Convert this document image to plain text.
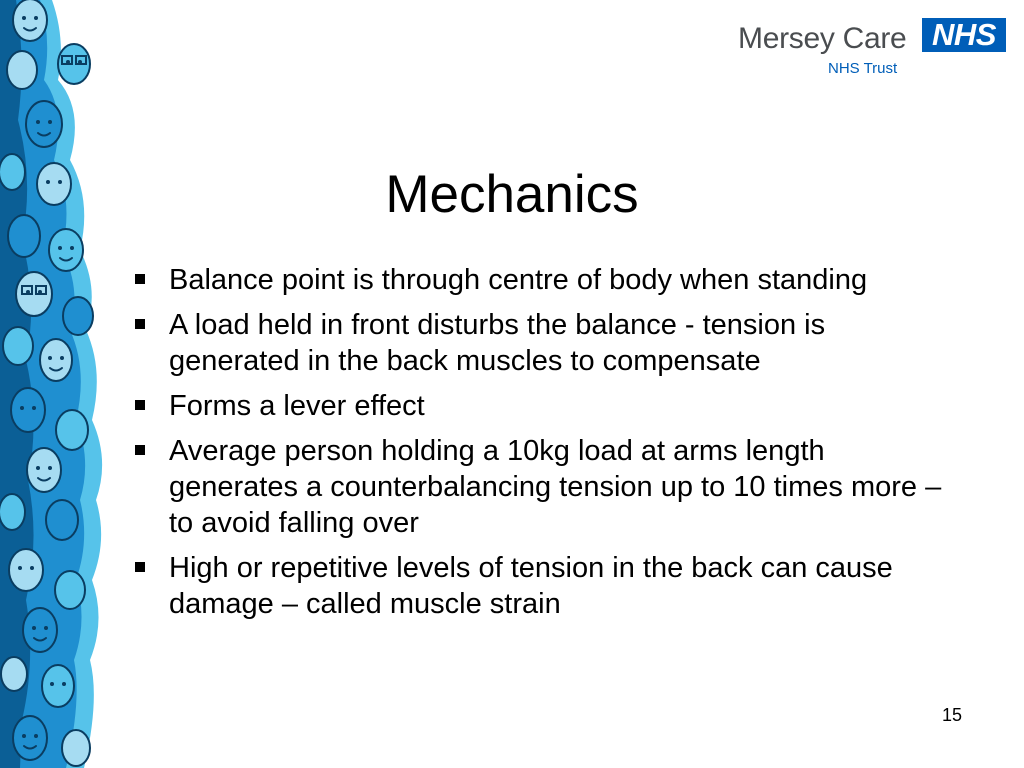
Mersey Care NHS
NHS Trust
Mechanics
Balance point is through centre of body when standing
A load held in front disturbs the balance - tension is generated in the back muscles to compensate
Forms a lever effect
Average person holding a 10kg load at arms length generates a counterbalancing tension up to 10 times more – to avoid falling over
High or repetitive levels of tension in the back can cause damage – called muscle strain
15
